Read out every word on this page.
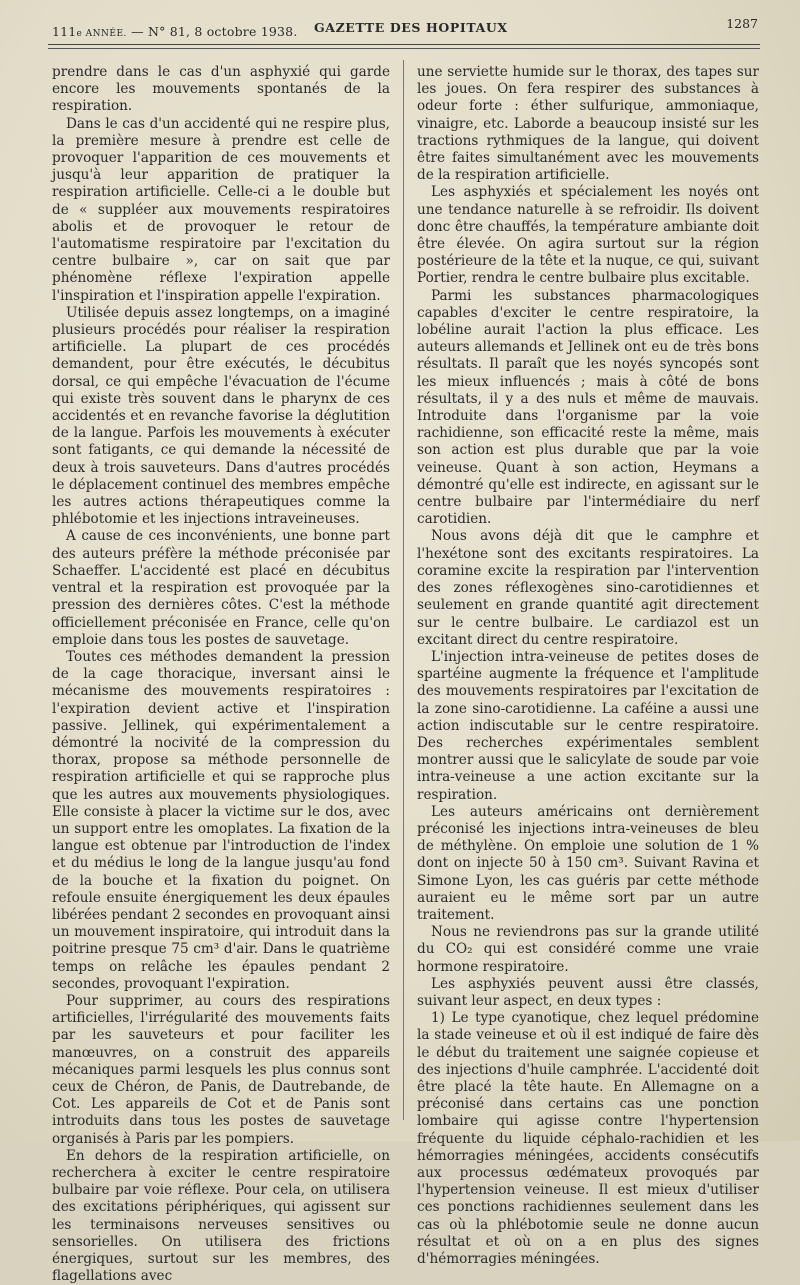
111e ANNÉE. — N° 81, 8 octobre 1938. GAZETTE DES HOPITAUX	1287

prendre dans le cas d'un asphyxié qui garde encore les mouvements spontanés de la respiration.

Dans le cas d'un accidenté qui ne respire plus, la première mesure à prendre est celle de provoquer l'apparition de ces mouvements et jusqu'à leur apparition de pratiquer la respiration artificielle. Celle-ci a le double but de « suppléer aux mouvements respiratoires abolis et de provoquer le retour de l'automatisme respiratoire par l'excitation du centre bulbaire », car on sait que par phénomène réflexe l'expiration appelle l'inspiration et l'inspiration appelle l'expiration.

Utilisée depuis assez longtemps, on a imaginé plusieurs procédés pour réaliser la respiration artificielle. La plupart de ces procédés demandent, pour être exécutés, le décubitus dorsal, ce qui empêche l'évacuation de l'écume qui existe très souvent dans le pharynx de ces accidentés et en revanche favorise la déglutition de la langue. Parfois les mouvements à exécuter sont fatigants, ce qui demande la nécessité de deux à trois sauveteurs. Dans d'autres procédés le déplacement continuel des membres empêche les autres actions thérapeutiques comme la phlébotomie et les injections intraveineuses.

A cause de ces inconvénients, une bonne part des auteurs préfère la méthode préconisée par Schaeffer. L'accidenté est placé en décubitus ventral et la respiration est provoquée par la pression des dernières côtes. C'est la méthode officiellement préconisée en France, celle qu'on emploie dans tous les postes de sauvetage.

Toutes ces méthodes demandent la pression de la cage thoracique, inversant ainsi le mécanisme des mouvements respiratoires : l'expiration devient active et l'inspiration passive. Jellinek, qui expérimentalement a démontré la nocivité de la compression du thorax, propose sa méthode personnelle de respiration artificielle et qui se rapproche plus que les autres aux mouvements physiologiques. Elle consiste à placer la victime sur le dos, avec un support entre les omoplates. La fixation de la langue est obtenue par l'introduction de l'index et du médius le long de la langue jusqu'au fond de la bouche et la fixation du poignet. On refoule ensuite énergiquement les deux épaules libérées pendant 2 secondes en provoquant ainsi un mouvement inspiratoire, qui introduit dans la poitrine presque 75 cm³ d'air. Dans le quatrième temps on relâche les épaules pendant 2 secondes, provoquant l'expiration.

Pour supprimer, au cours des respirations artificielles, l'irrégularité des mouvements faits par les sauveteurs et pour faciliter les manœuvres, on a construit des appareils mécaniques parmi lesquels les plus connus sont ceux de Chéron, de Panis, de Dautrebande, de Cot. Les appareils de Cot et de Panis sont introduits dans tous les postes de sauvetage organisés à Paris par les pompiers.

En dehors de la respiration artificielle, on recherchera à exciter le centre respiratoire bulbaire par voie réflexe. Pour cela, on utilisera des excitations périphériques, qui agissent sur les terminaisons nerveuses sensitives ou sensorielles. On utilisera des frictions énergiques, surtout sur les membres, des flagellations avec

une serviette humide sur le thorax, des tapes sur les joues. On fera respirer des substances à odeur forte : éther sulfurique, ammoniaque, vinaigre, etc. Laborde a beaucoup insisté sur les tractions rythmiques de la langue, qui doivent être faites simultanément avec les mouvements de la respiration artificielle.

Les asphyxiés et spécialement les noyés ont une tendance naturelle à se refroidir. Ils doivent donc être chauffés, la température ambiante doit être élevée. On agira surtout sur la région postérieure de la tête et la nuque, ce qui, suivant Portier, rendra le centre bulbaire plus excitable.

Parmi les substances pharmacologiques capables d'exciter le centre respiratoire, la lobéline aurait l'action la plus efficace. Les auteurs allemands et Jellinek ont eu de très bons résultats. Il paraît que les noyés syncopés sont les mieux influencés ; mais à côté de bons résultats, il y a des nuls et même de mauvais. Introduite dans l'organisme par la voie rachidienne, son efficacité reste la même, mais son action est plus durable que par la voie veineuse. Quant à son action, Heymans a démontré qu'elle est indirecte, en agissant sur le centre bulbaire par l'intermédiaire du nerf carotidien.

Nous avons déjà dit que le camphre et l'hexétone sont des excitants respiratoires. La coramine excite la respiration par l'intervention des zones réflexogènes sino-carotidiennes et seulement en grande quantité agit directement sur le centre bulbaire. Le cardiazol est un excitant direct du centre respiratoire.

L'injection intra-veineuse de petites doses de spartéine augmente la fréquence et l'amplitude des mouvements respiratoires par l'excitation de la zone sino-carotidienne. La caféine a aussi une action indiscutable sur le centre respiratoire. Des recherches expérimentales semblent montrer aussi que le salicylate de soude par voie intra-veineuse a une action excitante sur la respiration.

Les auteurs américains ont dernièrement préconisé les injections intra-veineuses de bleu de méthylène. On emploie une solution de 1 % dont on injecte 50 à 150 cm³. Suivant Ravina et Simone Lyon, les cas guéris par cette méthode auraient eu le même sort par un autre traitement.

Nous ne reviendrons pas sur la grande utilité du CO₂ qui est considéré comme une vraie hormone respiratoire.

Les asphyxiés peuvent aussi être classés, suivant leur aspect, en deux types :

1) Le type cyanotique, chez lequel prédomine la stade veineuse et où il est indiqué de faire dès le début du traitement une saignée copieuse et des injections d'huile camphrée. L'accidenté doit être placé la tête haute. En Allemagne on a préconisé dans certains cas une ponction lombaire qui agisse contre l'hypertension fréquente du liquide céphalo-rachidien et les hémorragies méningées, accidents consécutifs aux processus œdémateux provoqués par l'hypertension veineuse. Il est mieux d'utiliser ces ponctions rachidiennes seulement dans les cas où la phlébotomie seule ne donne aucun résultat et où on a en plus des signes d'hémorragies méningées.
